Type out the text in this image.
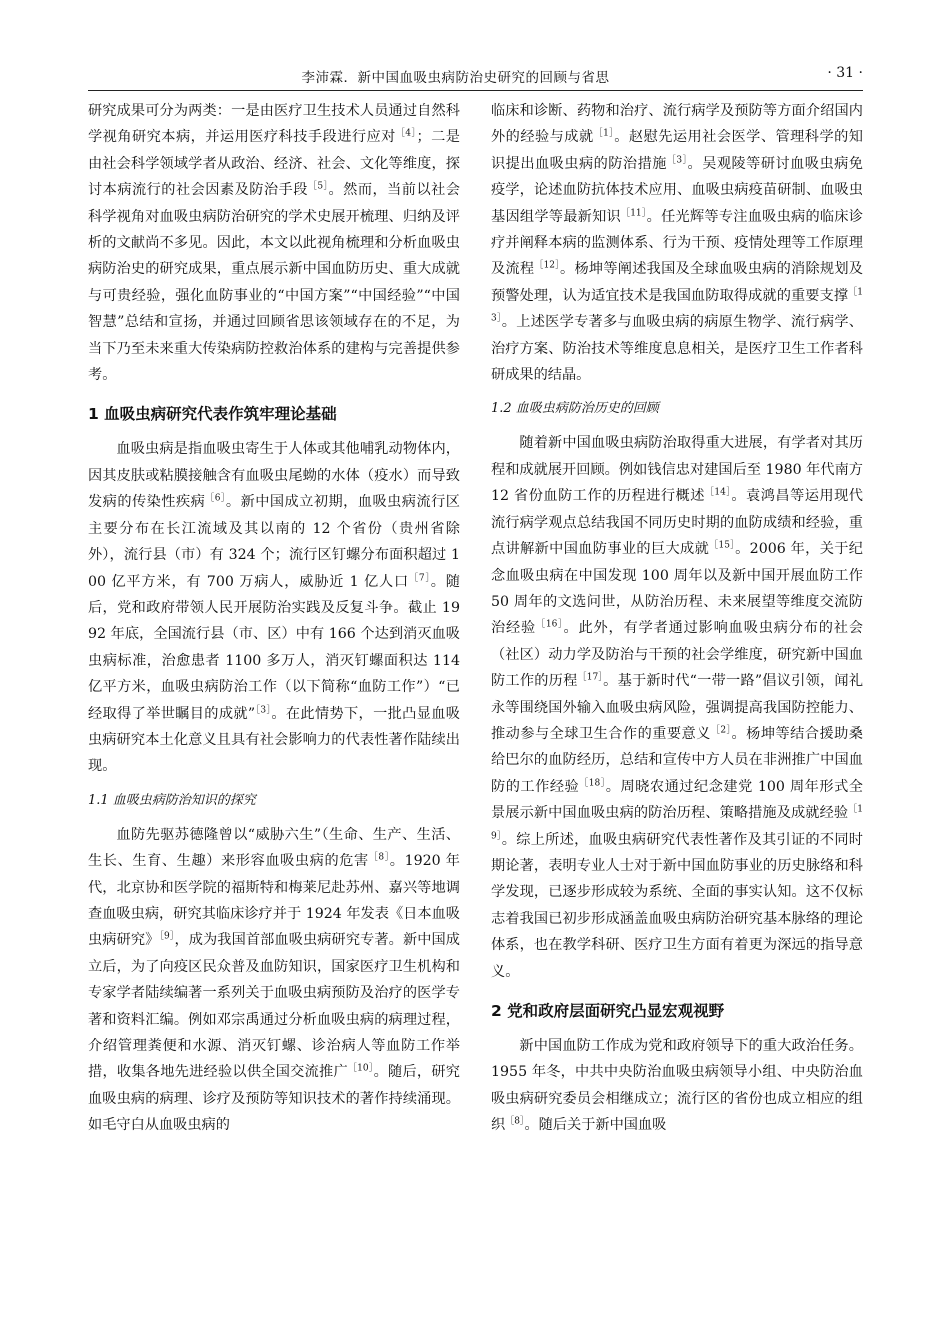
李沛霖．新中国血吸虫病防治史研究的回顾与省思	· 31 ·

研究成果可分为两类：一是由医疗卫生技术人员通过自然科学视角研究本病，并运用医疗科技手段进行应对$^{[4]}$；二是由社会科学领域学者从政治、经济、社会、文化等维度，探讨本病流行的社会因素及防治手段$^{[5]}$。然而，当前以社会科学视角对血吸虫病防治研究的学术史展开梳理、归纳及评析的文献尚不多见。因此，本文以此视角梳理和分析血吸虫病防治史的研究成果，重点展示新中国血防历史、重大成就与可贵经验，强化血防事业的“中国方案”“中国经验”“中国智慧”总结和宣扬，并通过回顾省思该领域存在的不足，为当下乃至未来重大传染病防控救治体系的建构与完善提供参考。

1 血吸虫病研究代表作筑牢理论基础

血吸虫病是指血吸虫寄生于人体或其他哺乳动物体内，因其皮肤或粘膜接触含有血吸虫尾蚴的水体（疫水）而导致发病的传染性疾病$^{[6]}$。新中国成立初期，血吸虫病流行区主要分布在长江流域及其以南的 12 个省份（贵州省除外），流行县（市）有 324 个；流行区钉螺分布面积超过 100 亿平方米，有 700 万病人，威胁近 1 亿人口$^{[7]}$。随后，党和政府带领人民开展防治实践及反复斗争。截止 1992 年底，全国流行县（市、区）中有 166 个达到消灭血吸虫病标准，治愈患者 1100 多万人，消灭钉螺面积达 114 亿平方米，血吸虫病防治工作（以下简称“血防工作”）“已经取得了举世瞩目的成就”$^{[3]}$。在此情势下，一批凸显血吸虫病研究本土化意义且具有社会影响力的代表性著作陆续出现。

1.1 血吸虫病防治知识的探究

血防先驱苏德隆曾以“威胁六生”（生命、生产、生活、生长、生育、生趣）来形容血吸虫病的危害$^{[8]}$。1920 年代，北京协和医学院的福斯特和梅莱尼赴苏州、嘉兴等地调查血吸虫病，研究其临床诊疗并于 1924 年发表《日本血吸虫病研究》$^{[9]}$，成为我国首部血吸虫病研究专著。新中国成立后，为了向疫区民众普及血防知识，国家医疗卫生机构和专家学者陆续编著一系列关于血吸虫病预防及治疗的医学专著和资料汇编。例如邓宗禹通过分析血吸虫病的病理过程，介绍管理粪便和水源、消灭钉螺、诊治病人等血防工作举措，收集各地先进经验以供全国交流推广$^{[10]}$。随后，研究血吸虫病的病理、诊疗及预防等知识技术的著作持续涌现。如毛守白从血吸虫病的

临床和诊断、药物和治疗、流行病学及预防等方面介绍国内外的经验与成就$^{[1]}$。赵慰先运用社会医学、管理科学的知识提出血吸虫病的防治措施$^{[3]}$。吴观陵等研讨血吸虫病免疫学，论述血防抗体技术应用、血吸虫病疫苗研制、血吸虫基因组学等最新知识$^{[11]}$。任光辉等专注血吸虫病的临床诊疗并阐释本病的监测体系、行为干预、疫情处理等工作原理及流程$^{[12]}$。杨坤等阐述我国及全球血吸虫病的消除规划及预警处理，认为适宜技术是我国血防取得成就的重要支撑$^{[13]}$。上述医学专著多与血吸虫病的病原生物学、流行病学、治疗方案、防治技术等维度息息相关，是医疗卫生工作者科研成果的结晶。

1.2 血吸虫病防治历史的回顾

随着新中国血吸虫病防治取得重大进展，有学者对其历程和成就展开回顾。例如钱信忠对建国后至 1980 年代南方 12 省份血防工作的历程进行概述$^{[14]}$。袁鸿昌等运用现代流行病学观点总结我国不同历史时期的血防成绩和经验，重点讲解新中国血防事业的巨大成就$^{[15]}$。2006 年，关于纪念血吸虫病在中国发现 100 周年以及新中国开展血防工作 50 周年的文选问世，从防治历程、未来展望等维度交流防治经验$^{[16]}$。此外，有学者通过影响血吸虫病分布的社会（社区）动力学及防治与干预的社会学维度，研究新中国血防工作的历程$^{[17]}$。基于新时代“一带一路”倡议引领，闻礼永等围绕国外输入血吸虫病风险，强调提高我国防控能力、推动参与全球卫生合作的重要意义$^{[2]}$。杨坤等结合援助桑给巴尔的血防经历，总结和宣传中方人员在非洲推广中国血防的工作经验$^{[18]}$。周晓农通过纪念建党 100 周年形式全景展示新中国血吸虫病的防治历程、策略措施及成就经验$^{[19]}$。综上所述，血吸虫病研究代表性著作及其引证的不同时期论著，表明专业人士对于新中国血防事业的历史脉络和科学发现，已逐步形成较为系统、全面的事实认知。这不仅标志着我国已初步形成涵盖血吸虫病防治研究基本脉络的理论体系，也在教学科研、医疗卫生方面有着更为深远的指导意义。

2 党和政府层面研究凸显宏观视野

新中国血防工作成为党和政府领导下的重大政治任务。1955 年冬，中共中央防治血吸虫病领导小组、中央防治血吸虫病研究委员会相继成立；流行区的省份也成立相应的组织$^{[8]}$。随后关于新中国血吸
